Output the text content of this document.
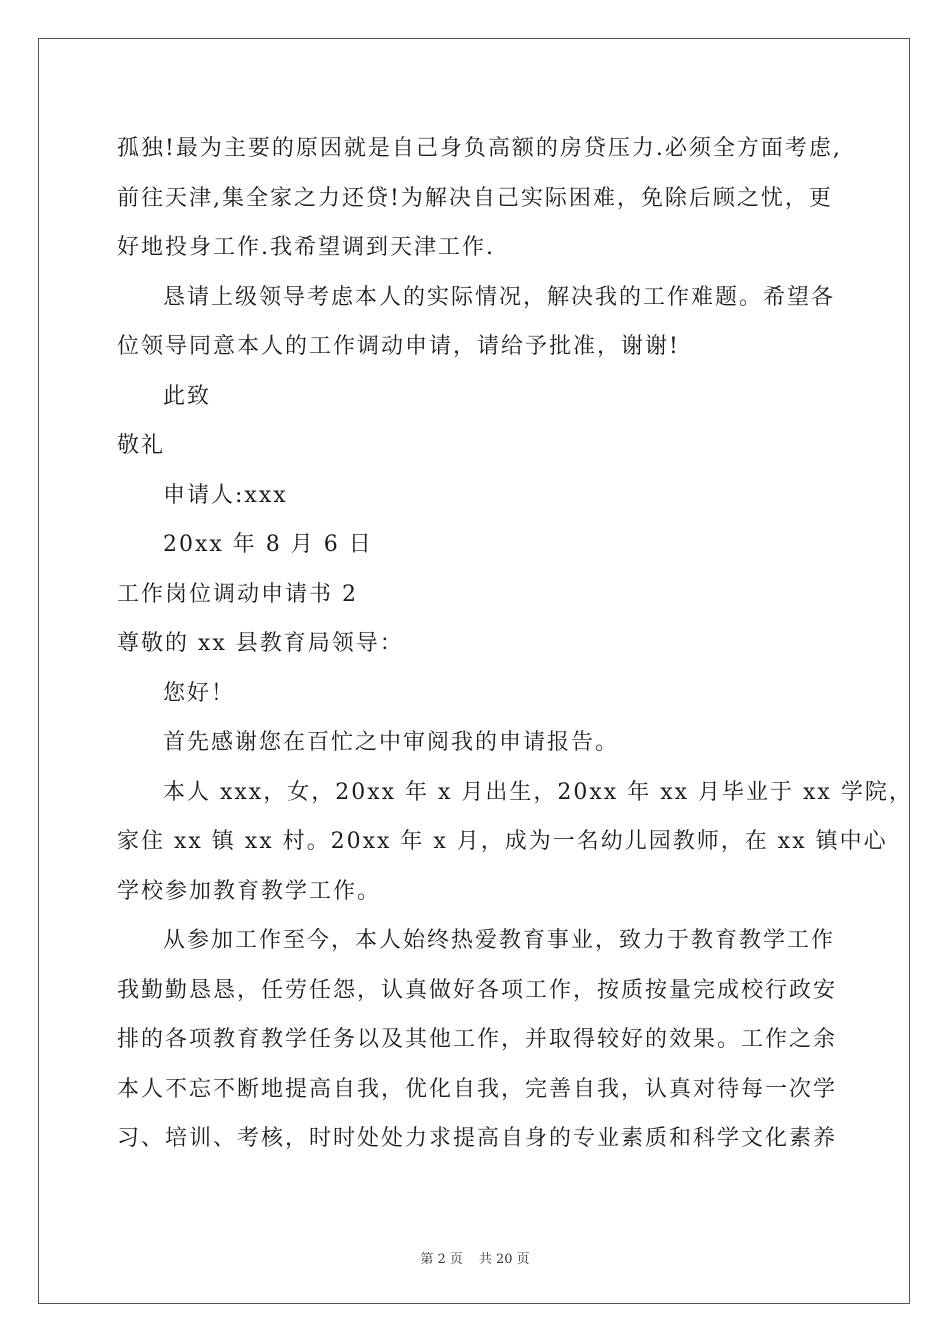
孤独!最为主要的原因就是自己身负高额的房贷压力.必须全方面考虑,

前往天津,集全家之力还贷!为解决自己实际困难，免除后顾之忧，更

好地投身工作.我希望调到天津工作.

恳请上级领导考虑本人的实际情况，解决我的工作难题。希望各

位领导同意本人的工作调动申请，请给予批准，谢谢!

此致

敬礼

申请人:xxx

20xx 年 8 月 6 日

工作岗位调动申请书 2

尊敬的 xx 县教育局领导：

您好！

首先感谢您在百忙之中审阅我的申请报告。

本人 xxx，女，20xx 年 x 月出生，20xx 年 xx 月毕业于 xx 学院，

家住 xx 镇 xx 村。20xx 年 x 月，成为一名幼儿园教师，在 xx 镇中心

学校参加教育教学工作。

从参加工作至今，本人始终热爱教育事业，致力于教育教学工作

我勤勤恳恳，任劳任怨，认真做好各项工作，按质按量完成校行政安

排的各项教育教学任务以及其他工作，并取得较好的效果。工作之余

本人不忘不断地提高自我，优化自我，完善自我，认真对待每一次学

习、培训、考核，时时处处力求提高自身的专业素质和科学文化素养

第 2 页 共 20 页
